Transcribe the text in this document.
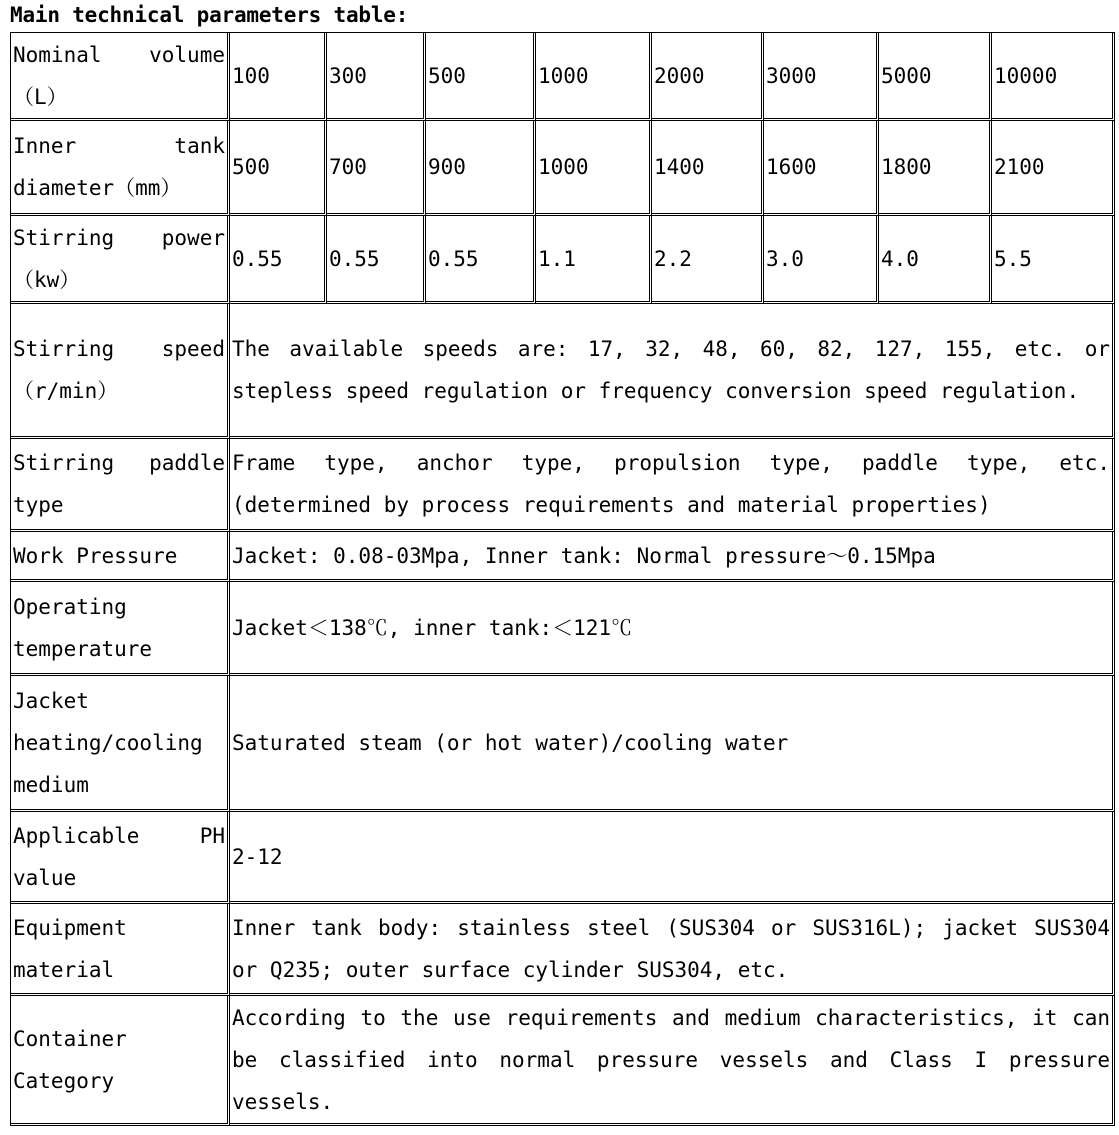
Main technical parameters table:
Nominal volume（L）	100	300	500	1000	2000	3000	5000	10000
Inner tank diameter（mm）	500	700	900	1000	1400	1600	1800	2100
Stirring power（kw）	0.55	0.55	0.55	1.1	2.2	3.0	4.0	5.5
Stirring speed（r/min）	The available speeds are: 17, 32, 48, 60, 82, 127, 155, etc. or stepless speed regulation or frequency conversion speed regulation.							
Stirring paddle type	Frame type, anchor type, propulsion type, paddle type, etc. (determined by process requirements and material properties)							
Work Pressure	Jacket: 0.08-03Mpa, Inner tank: Normal pressure～0.15Mpa							
Operating temperature	Jacket＜138℃, inner tank:＜121℃							
Jacket heating/cooling medium	Saturated steam (or hot water)/cooling water							
Applicable PH value	2-12							
Equipment material	Inner tank body: stainless steel (SUS304 or SUS316L); jacket SUS304 or Q235; outer surface cylinder SUS304, etc.							
Container Category	According to the use requirements and medium characteristics, it can be classified into normal pressure vessels and Class I pressure vessels.							
